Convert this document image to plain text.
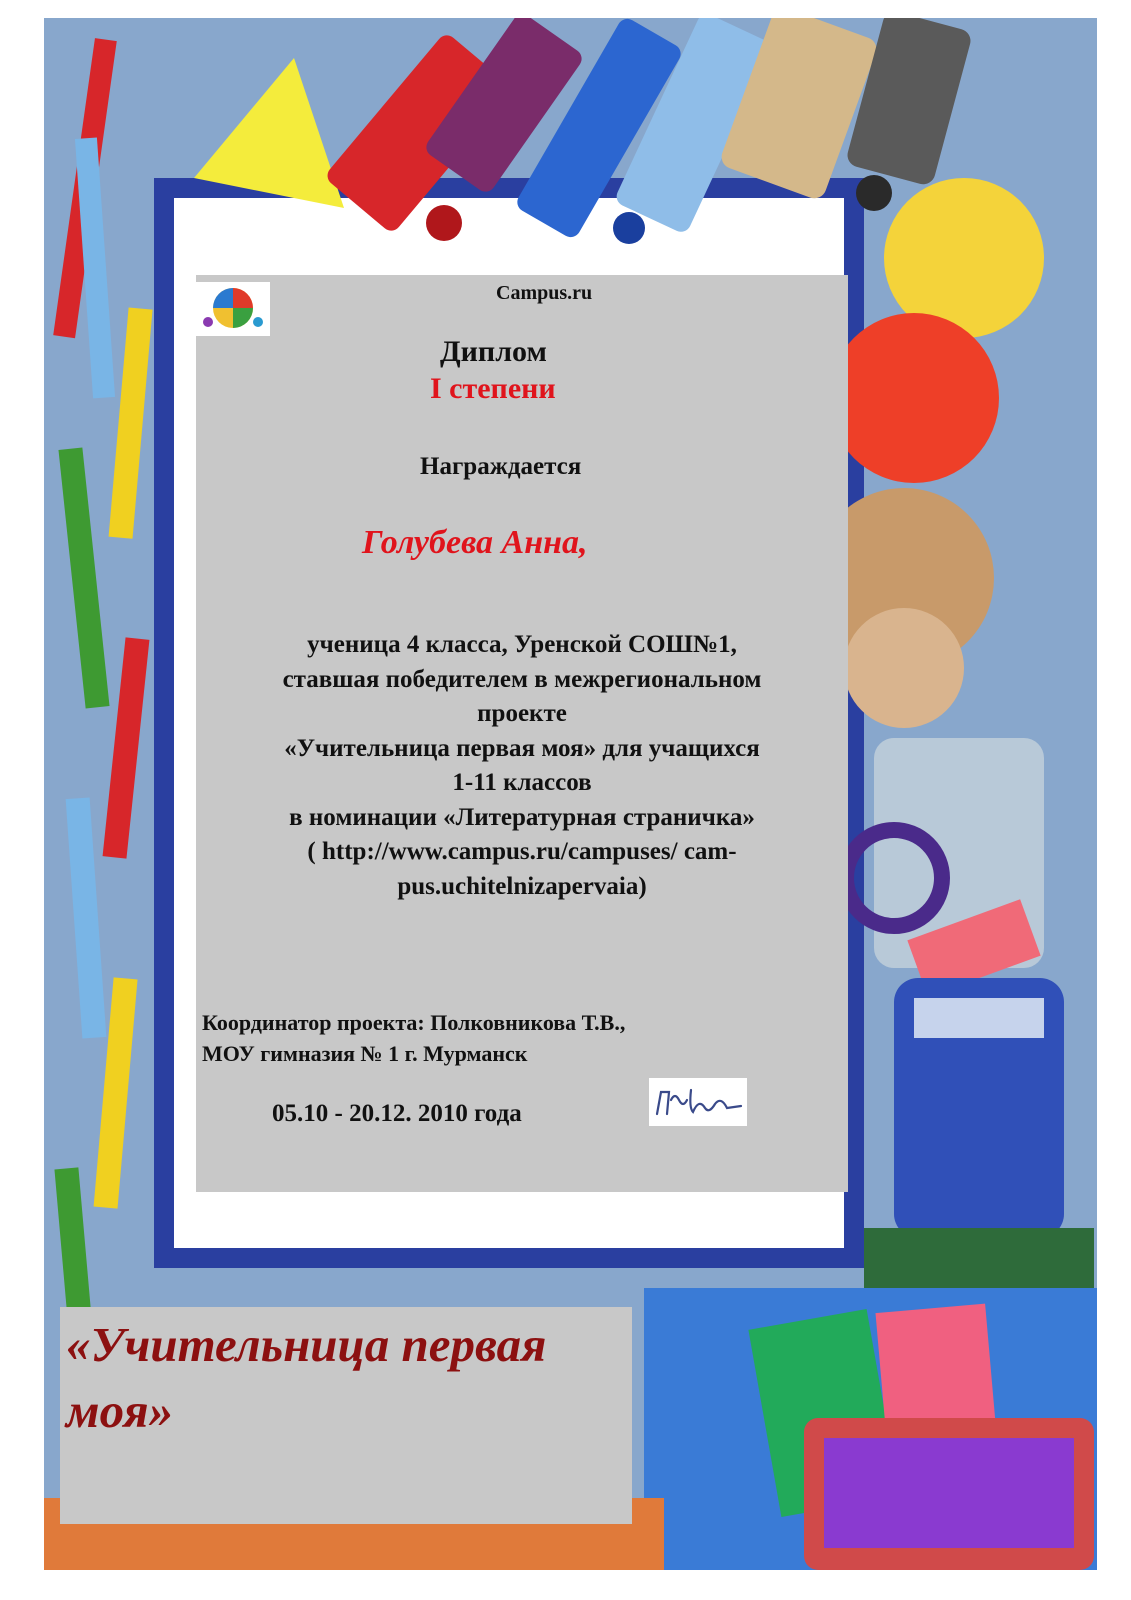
Campus.ru
Диплом
I степени
Награждается
Голубева Анна,
ученица 4 класса, Уренской СОШ№1,
ставшая победителем в межрегиональном
проекте
«Учительница первая моя» для учащихся
1-11 классов
в номинации «Литературная страничка»
( http://www.campus.ru/campuses/ cam-
pus.uchitelnizapervaia)
Координатор проекта: Полковникова Т.В.,
МОУ гимназия № 1 г. Мурманск
05.10 - 20.12. 2010 года
«Учительница первая моя»
